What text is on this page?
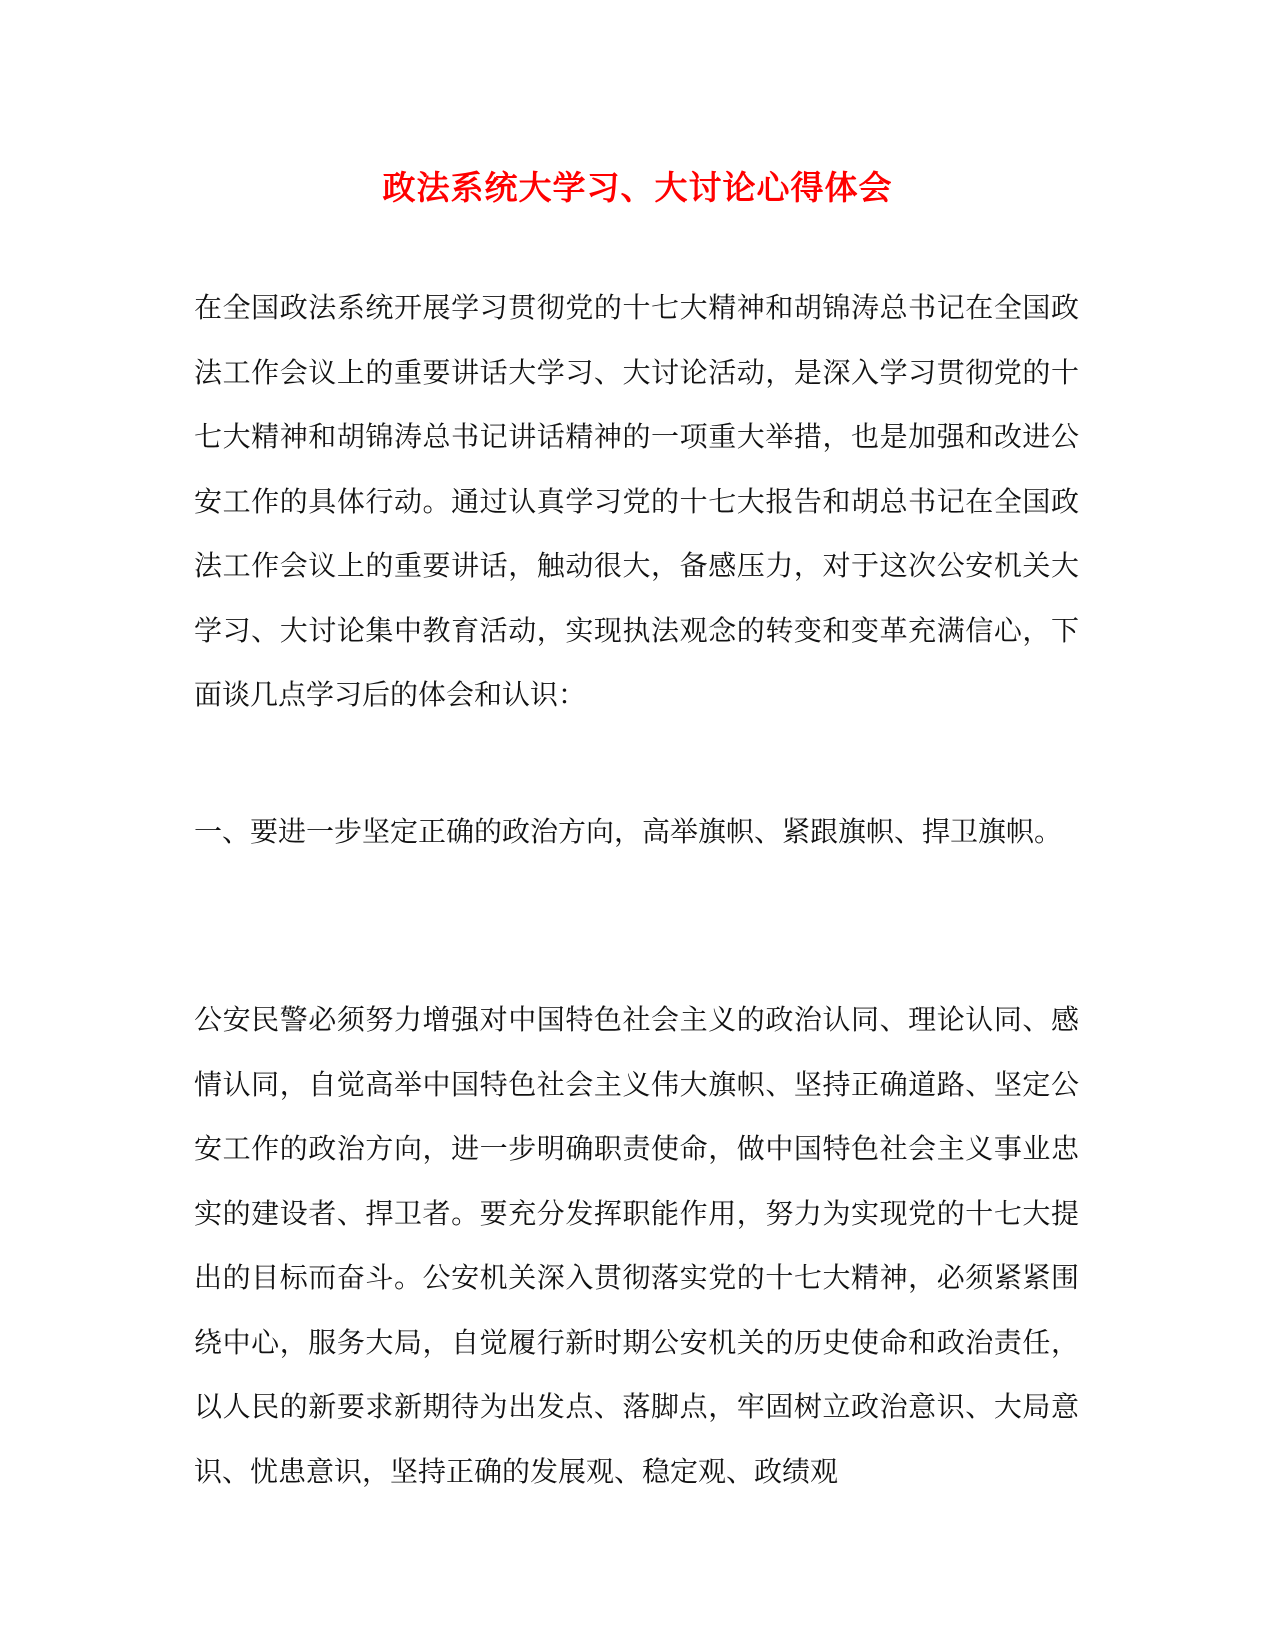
政法系统大学习、大讨论心得体会
在全国政法系统开展学习贯彻党的十七大精神和胡锦涛总书记在全国政法工作会议上的重要讲话大学习、大讨论活动，是深入学习贯彻党的十七大精神和胡锦涛总书记讲话精神的一项重大举措，也是加强和改进公安工作的具体行动。通过认真学习党的十七大报告和胡总书记在全国政法工作会议上的重要讲话，触动很大，备感压力，对于这次公安机关大学习、大讨论集中教育活动，实现执法观念的转变和变革充满信心，下面谈几点学习后的体会和认识：
一、要进一步坚定正确的政治方向，高举旗帜、紧跟旗帜、捍卫旗帜。
公安民警必须努力增强对中国特色社会主义的政治认同、理论认同、感情认同，自觉高举中国特色社会主义伟大旗帜、坚持正确道路、坚定公安工作的政治方向，进一步明确职责使命，做中国特色社会主义事业忠实的建设者、捍卫者。要充分发挥职能作用，努力为实现党的十七大提出的目标而奋斗。公安机关深入贯彻落实党的十七大精神，必须紧紧围绕中心，服务大局，自觉履行新时期公安机关的历史使命和政治责任，以人民的新要求新期待为出发点、落脚点，牢固树立政治意识、大局意识、忧患意识，坚持正确的发展观、稳定观、政绩观
